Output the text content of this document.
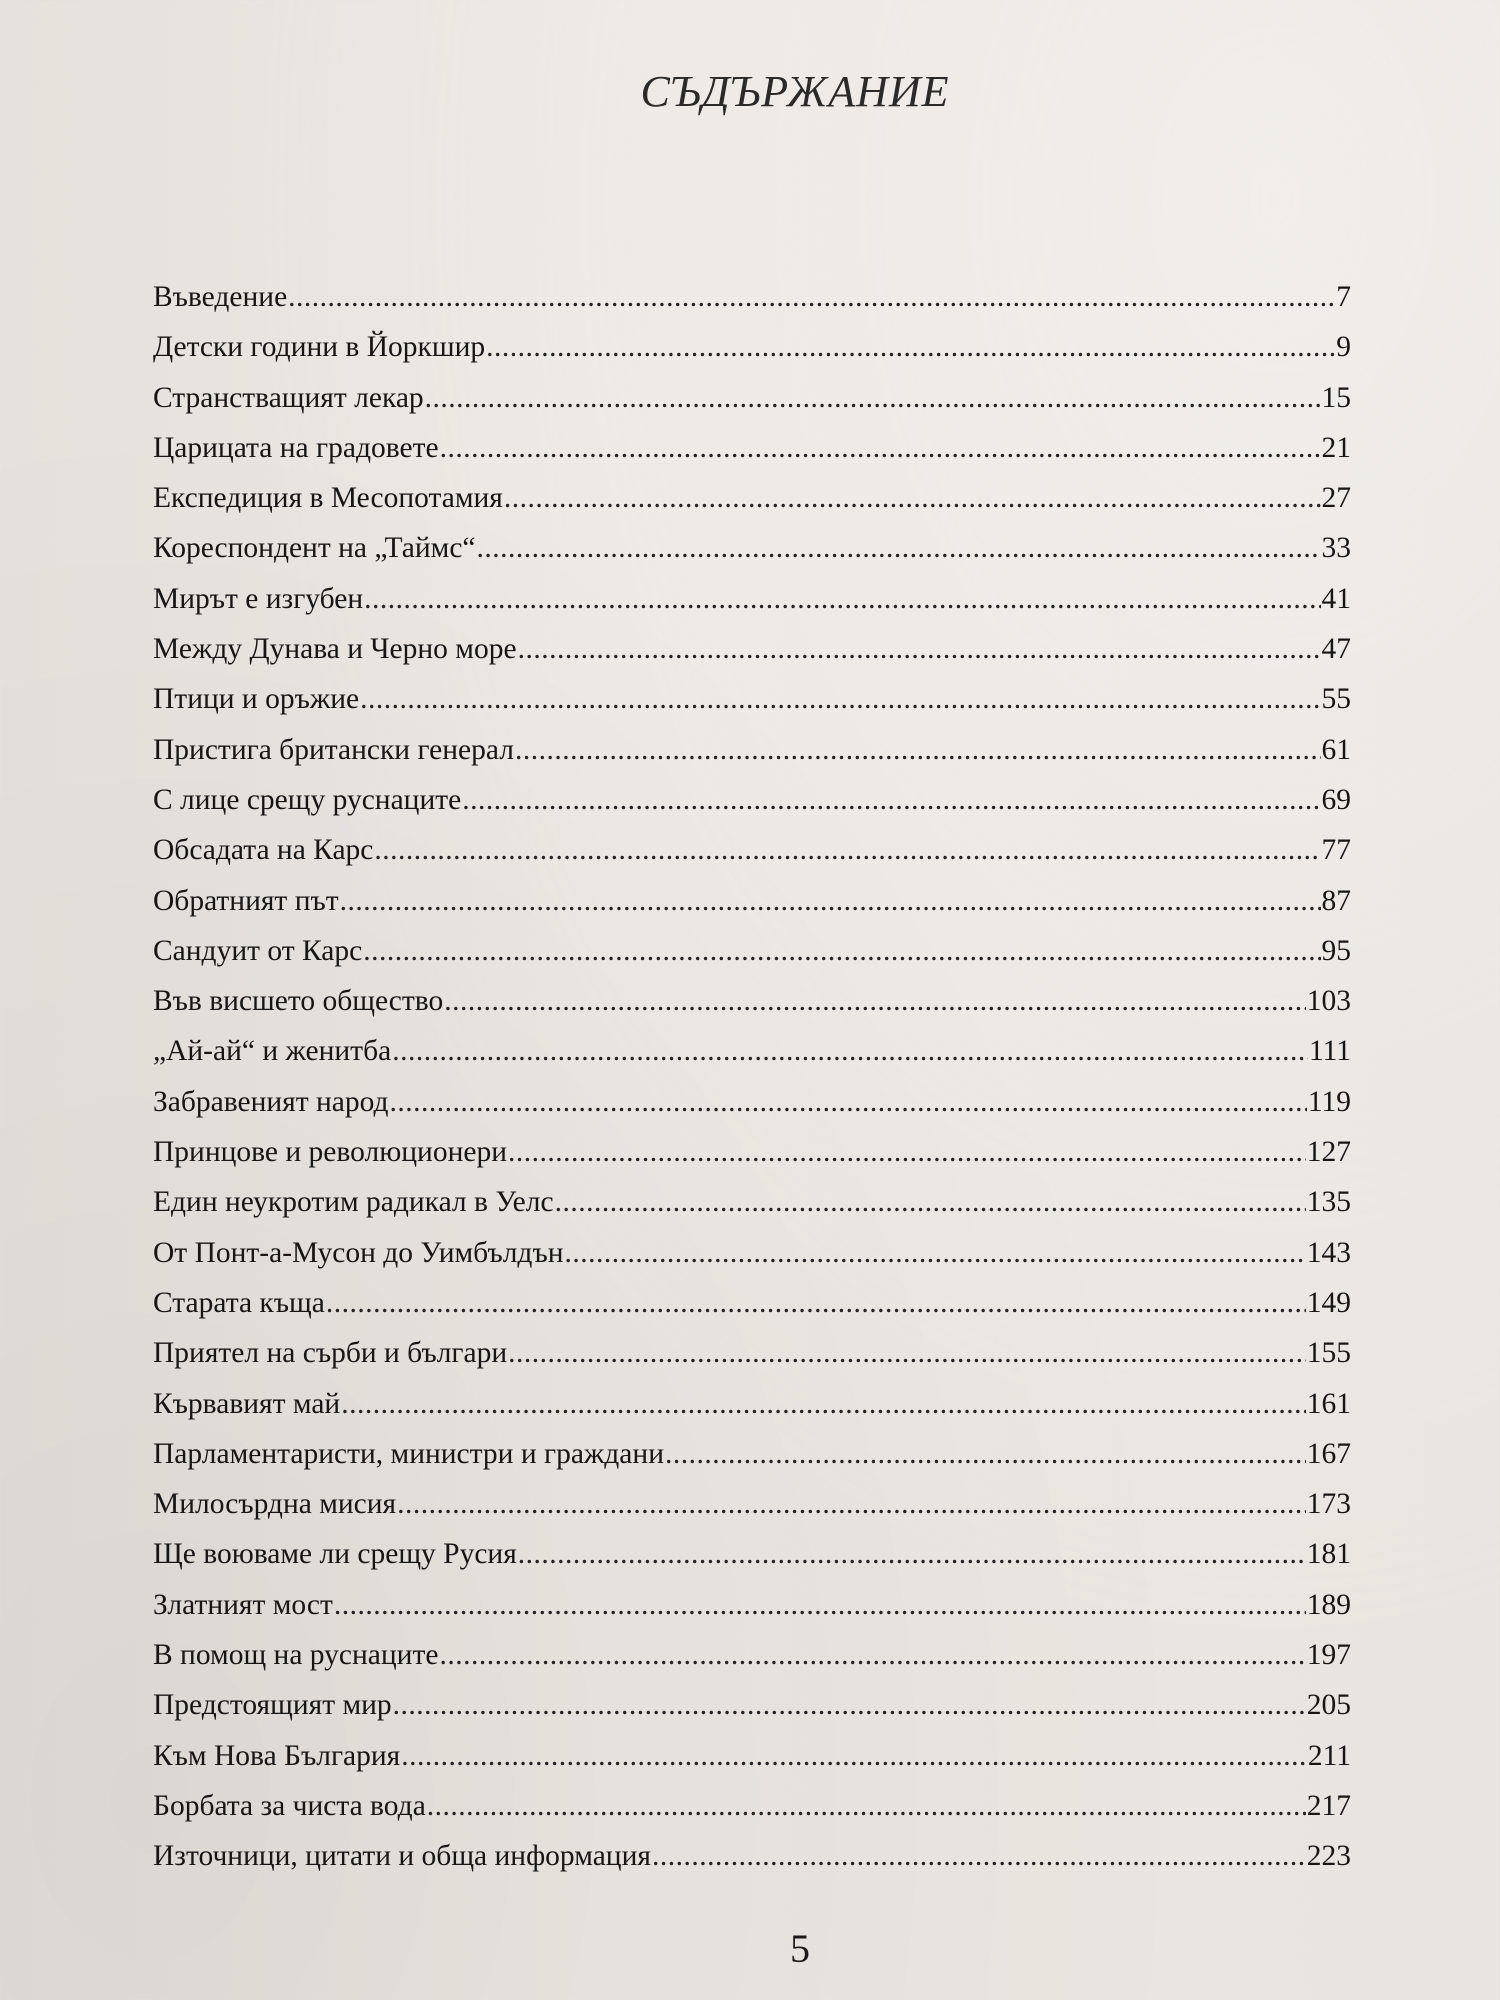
СЪДЪРЖАНИЕ
Въведение .....	7
Детски години в Йоркшир .....	9
Странстващият лекар .....	15
Царицата на градовете .....	21
Експедиция в Месопотамия .....	27
Кореспондент на „Таймс“ .....	33
Мирът е изгубен .....	41
Между Дунава и Черно море .....	47
Птици и оръжие .....	55
Пристига британски генерал .....	61
С лице срещу руснаците .....	69
Обсадата на Карс .....	77
Обратният път .....	87
Сандуит от Карс .....	95
Във висшето общество .....	103
„Ай-ай“ и женитба .....	111
Забравеният народ .....	119
Принцове и революционери .....	127
Един неукротим радикал в Уелс .....	135
От Понт-а-Мусон до Уимбълдън .....	143
Старата къща .....	149
Приятел на сърби и българи .....	155
Кървавият май .....	161
Парламентаристи, министри и граждани .....	167
Милосърдна мисия .....	173
Ще воюваме ли срещу Русия .....	181
Златният мост .....	189
В помощ на руснаците .....	197
Предстоящият мир .....	205
Към Нова България .....	211
Борбата за чиста вода .....	217
Източници, цитати и обща информация .....	223
5
